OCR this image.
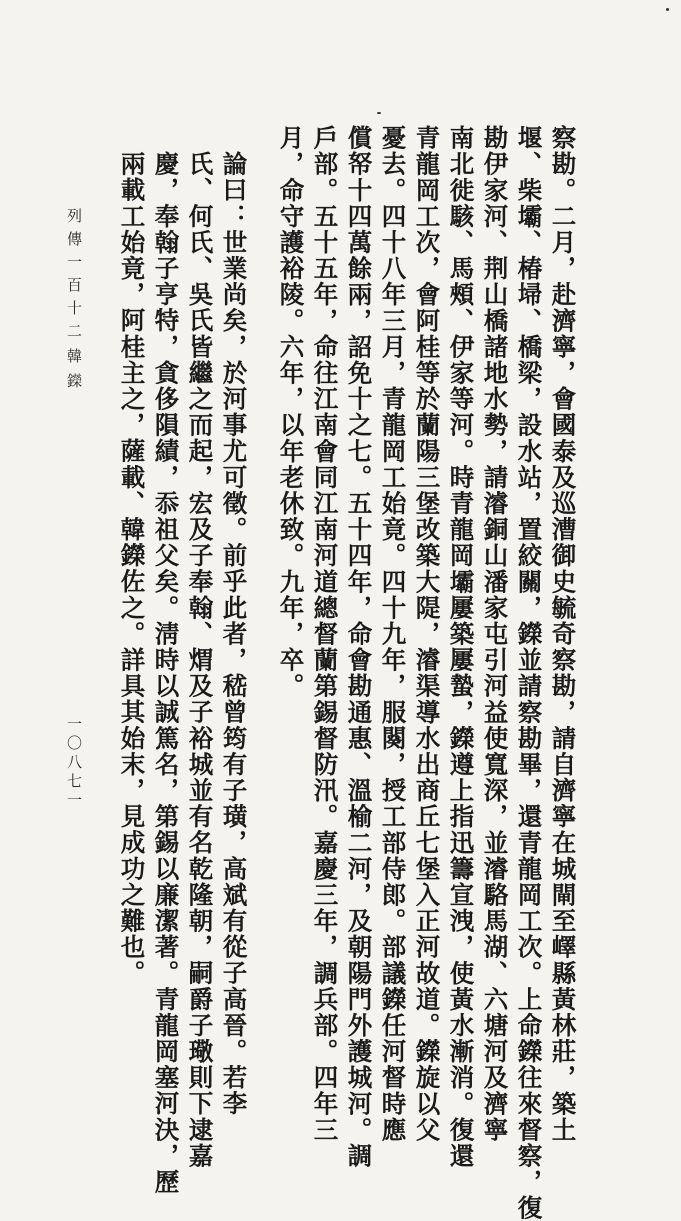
察勘。二月，赴濟寧，會國泰及巡漕御史毓奇察勘，請自濟寧在城閘至嶧縣黃林莊，築土
堰、柴壩、椿埽、橋梁，設水站，置絞關，鑅並請察勘畢，還青龍岡工次。上命鑅往來督察，復
勘伊家河、荆山橋諸地水勢，請濬銅山潘家屯引河益使寬深，並濬駱馬湖、六塘河及濟寧
南北徙駭、馬頰、伊家等河。時青龍岡壩屢築屢蟄，鑅遵上指迅籌宣洩，使黃水漸消。復還
青龍岡工次，會阿桂等於蘭陽三堡改築大隄，濬渠導水出商丘七堡入正河故道。鑅旋以父
憂去。四十八年三月，青龍岡工始竟。四十九年，服闋，授工部侍郎。部議鑅任河督時應
償帑十四萬餘兩，詔免十之七。五十四年，命會勘通惠、溫榆二河，及朝陽門外護城河。調
戶部。五十五年，命往江南會同江南河道總督蘭第錫督防汛。嘉慶三年，調兵部。四年三
月，命守護裕陵。六年，以年老休致。九年，卒。
論曰：世業尚矣，於河事尤可徵。前乎此者，嵇曾筠有子璜，高斌有從子高晉。若李
氏、何氏、吳氏皆繼之而起，宏及子奉翰、煟及子裕城並有名乾隆朝，嗣爵子璥則下逮嘉
慶，奉翰子亨特，貪侈隕績，忝祖父矣。淸時以誠篤名，第錫以廉潔著。青龍岡塞河決，歷
兩載工始竟，阿桂主之，薩載、韓鑅佐之。詳具其始末，見成功之難也。
列傳一百十二
韓鑅
一〇八七一
